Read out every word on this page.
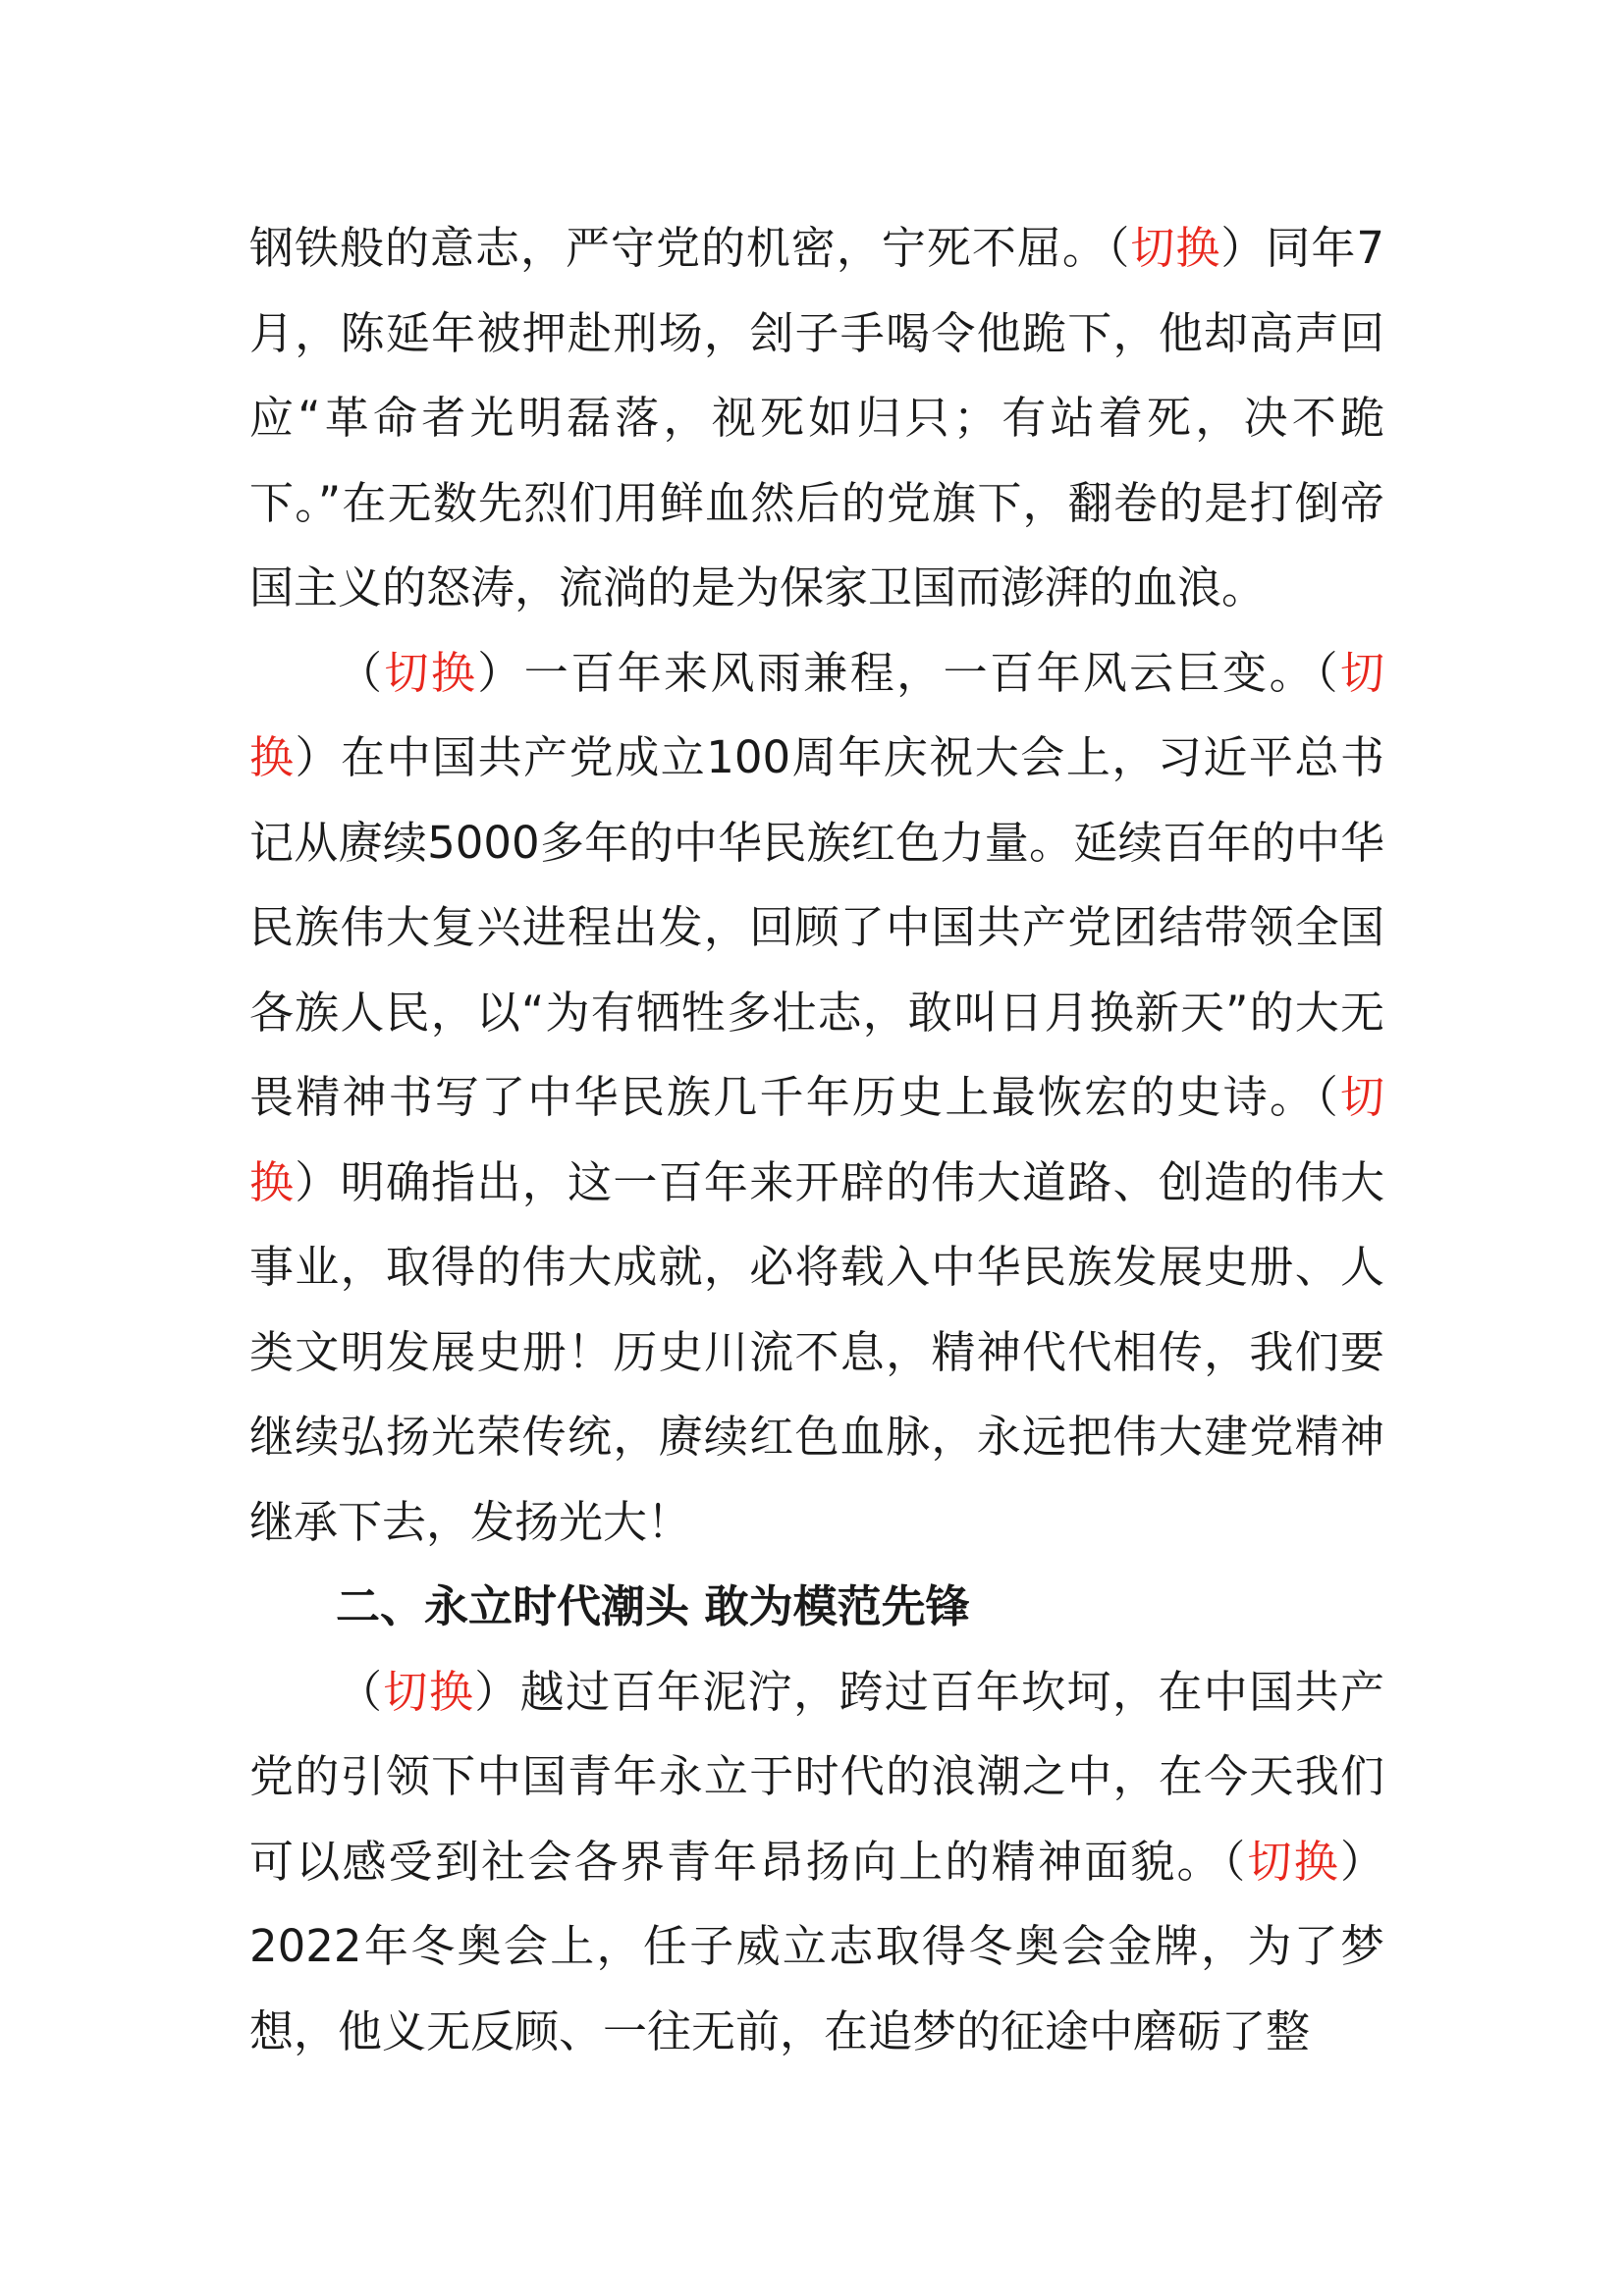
钢铁般的意志，严守党的机密，宁死不屈。（切换）同年7月，陈延年被押赴刑场，刽子手喝令他跪下，他却高声回应“革命者光明磊落，视死如归只；有站着死，决不跪下。”在无数先烈们用鲜血然后的党旗下，翻卷的是打倒帝国主义的怒涛，流淌的是为保家卫国而澎湃的血浪。

（切换）一百年来风雨兼程，一百年风云巨变。（切换）在中国共产党成立100周年庆祝大会上，习近平总书记从赓续5000多年的中华民族红色力量。延续百年的中华民族伟大复兴进程出发，回顾了中国共产党团结带领全国各族人民，以“为有牺牲多壮志，敢叫日月换新天”的大无畏精神书写了中华民族几千年历史上最恢宏的史诗。（切换）明确指出，这一百年来开辟的伟大道路、创造的伟大事业，取得的伟大成就，必将载入中华民族发展史册、人类文明发展史册！历史川流不息，精神代代相传，我们要继续弘扬光荣传统，赓续红色血脉，永远把伟大建党精神继承下去，发扬光大！

二、永立时代潮头 敢为模范先锋

（切换）越过百年泥泞，跨过百年坎坷，在中国共产党的引领下中国青年永立于时代的浪潮之中，在今天我们可以感受到社会各界青年昂扬向上的精神面貌。（切换）2022年冬奥会上，任子威立志取得冬奥会金牌，为了梦想，他义无反顾、一往无前，在追梦的征途中磨砺了整
